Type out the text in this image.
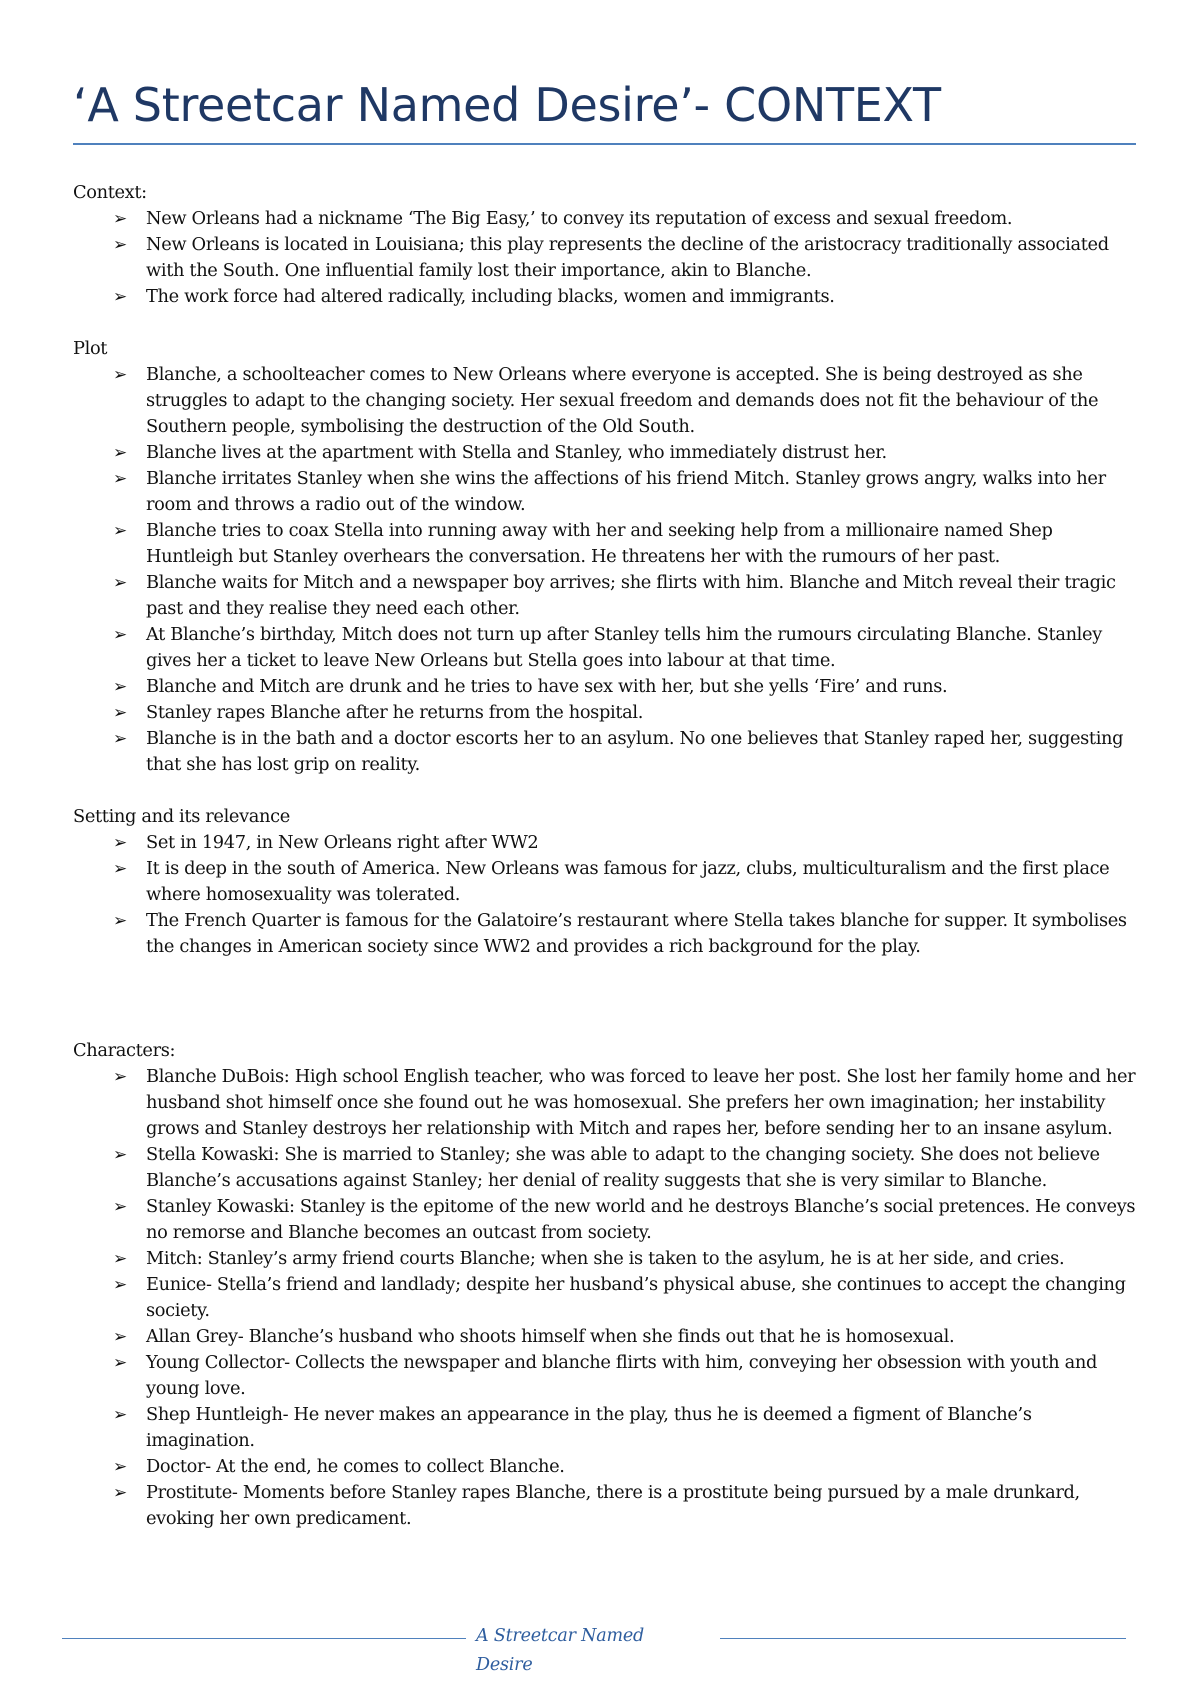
‘A Streetcar Named Desire’- CONTEXT

Context:

➢ New Orleans had a nickname ‘The Big Easy,’ to convey its reputation of excess and sexual freedom.
➢ New Orleans is located in Louisiana; this play represents the decline of the aristocracy traditionally associated with the South. One influential family lost their importance, akin to Blanche.
➢ The work force had altered radically, including blacks, women and immigrants.

Plot

➢ Blanche, a schoolteacher comes to New Orleans where everyone is accepted. She is being destroyed as she struggles to adapt to the changing society. Her sexual freedom and demands does not fit the behaviour of the Southern people, symbolising the destruction of the Old South.
➢ Blanche lives at the apartment with Stella and Stanley, who immediately distrust her.
➢ Blanche irritates Stanley when she wins the affections of his friend Mitch. Stanley grows angry, walks into her room and throws a radio out of the window.
➢ Blanche tries to coax Stella into running away with her and seeking help from a millionaire named Shep Huntleigh but Stanley overhears the conversation. He threatens her with the rumours of her past.
➢ Blanche waits for Mitch and a newspaper boy arrives; she flirts with him. Blanche and Mitch reveal their tragic past and they realise they need each other.
➢ At Blanche’s birthday, Mitch does not turn up after Stanley tells him the rumours circulating Blanche. Stanley gives her a ticket to leave New Orleans but Stella goes into labour at that time.
➢ Blanche and Mitch are drunk and he tries to have sex with her, but she yells ‘Fire’ and runs.
➢ Stanley rapes Blanche after he returns from the hospital.
➢ Blanche is in the bath and a doctor escorts her to an asylum. No one believes that Stanley raped her, suggesting that she has lost grip on reality.

Setting and its relevance

➢ Set in 1947, in New Orleans right after WW2
➢ It is deep in the south of America. New Orleans was famous for jazz, clubs, multiculturalism and the first place where homosexuality was tolerated.
➢ The French Quarter is famous for the Galatoire’s restaurant where Stella takes blanche for supper. It symbolises the changes in American society since WW2 and provides a rich background for the play.

Characters:

➢ Blanche DuBois: High school English teacher, who was forced to leave her post. She lost her family home and her husband shot himself once she found out he was homosexual. She prefers her own imagination; her instability grows and Stanley destroys her relationship with Mitch and rapes her, before sending her to an insane asylum.
➢ Stella Kowaski: She is married to Stanley; she was able to adapt to the changing society. She does not believe Blanche’s accusations against Stanley; her denial of reality suggests that she is very similar to Blanche.
➢ Stanley Kowaski: Stanley is the epitome of the new world and he destroys Blanche’s social pretences. He conveys no remorse and Blanche becomes an outcast from society.
➢ Mitch: Stanley’s army friend courts Blanche; when she is taken to the asylum, he is at her side, and cries.
➢ Eunice- Stella’s friend and landlady; despite her husband’s physical abuse, she continues to accept the changing society.
➢ Allan Grey- Blanche’s husband who shoots himself when she finds out that he is homosexual.
➢ Young Collector- Collects the newspaper and blanche flirts with him, conveying her obsession with youth and young love.
➢ Shep Huntleigh- He never makes an appearance in the play, thus he is deemed a figment of Blanche’s imagination.
➢ Doctor- At the end, he comes to collect Blanche.
➢ Prostitute- Moments before Stanley rapes Blanche, there is a prostitute being pursued by a male drunkard, evoking her own predicament.
A Streetcar Named
Desire
